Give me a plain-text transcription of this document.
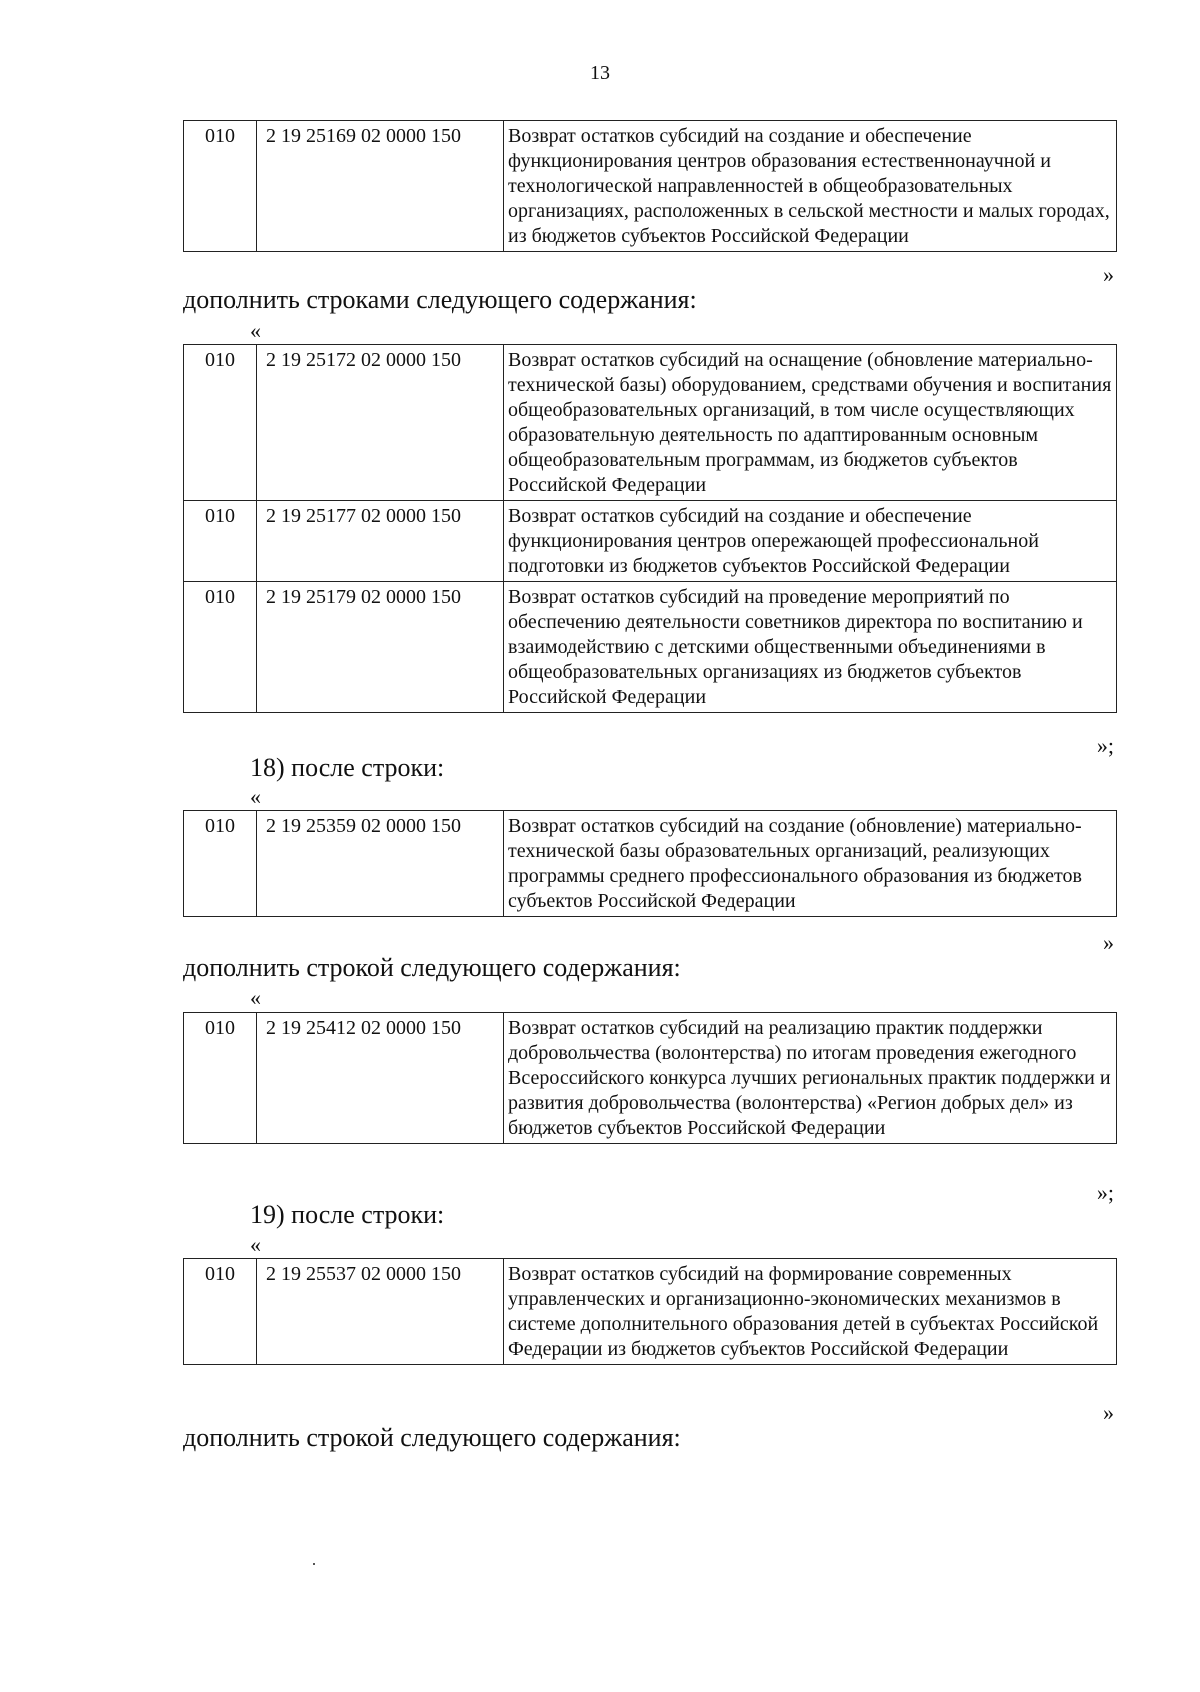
13
010	2 19 25169 02 0000 150	Возврат остатков субсидий на создание и обеспечение функционирования центров образования естественнонаучной и технологической направленностей в общеобразовательных организациях, расположенных в сельской местности и малых городах, из бюджетов субъектов Российской Федерации
»
дополнить строками следующего содержания:
«
010	2 19 25172 02 0000 150	Возврат остатков субсидий на оснащение (обновление материально-технической базы) оборудованием, средствами обучения и воспитания общеобразовательных организаций, в том числе осуществляющих образовательную деятельность по адаптированным основным общеобразовательным программам, из бюджетов субъектов Российской Федерации
010	2 19 25177 02 0000 150	Возврат остатков субсидий на создание и обеспечение функционирования центров опережающей профессиональной подготовки из бюджетов субъектов Российской Федерации
010	2 19 25179 02 0000 150	Возврат остатков субсидий на проведение мероприятий по обеспечению деятельности советников директора по воспитанию и взаимодействию с детскими общественными объединениями в общеобразовательных организациях из бюджетов субъектов Российской Федерации
»;
18) после строки:
«
010	2 19 25359 02 0000 150	Возврат остатков субсидий на создание (обновление) материально-технической базы образовательных организаций, реализующих программы среднего профессионального образования из бюджетов субъектов Российской Федерации
»
дополнить строкой следующего содержания:
«
010	2 19 25412 02 0000 150	Возврат остатков субсидий на реализацию практик поддержки добровольчества (волонтерства) по итогам проведения ежегодного Всероссийского конкурса лучших региональных практик поддержки и развития добровольчества (волонтерства) «Регион добрых дел» из бюджетов субъектов Российской Федерации
»;
19) после строки:
«
010	2 19 25537 02 0000 150	Возврат остатков субсидий на формирование современных управленческих и организационно-экономических механизмов в системе дополнительного образования детей в субъектах Российской Федерации из бюджетов субъектов Российской Федерации
»
дополнить строкой следующего содержания:
